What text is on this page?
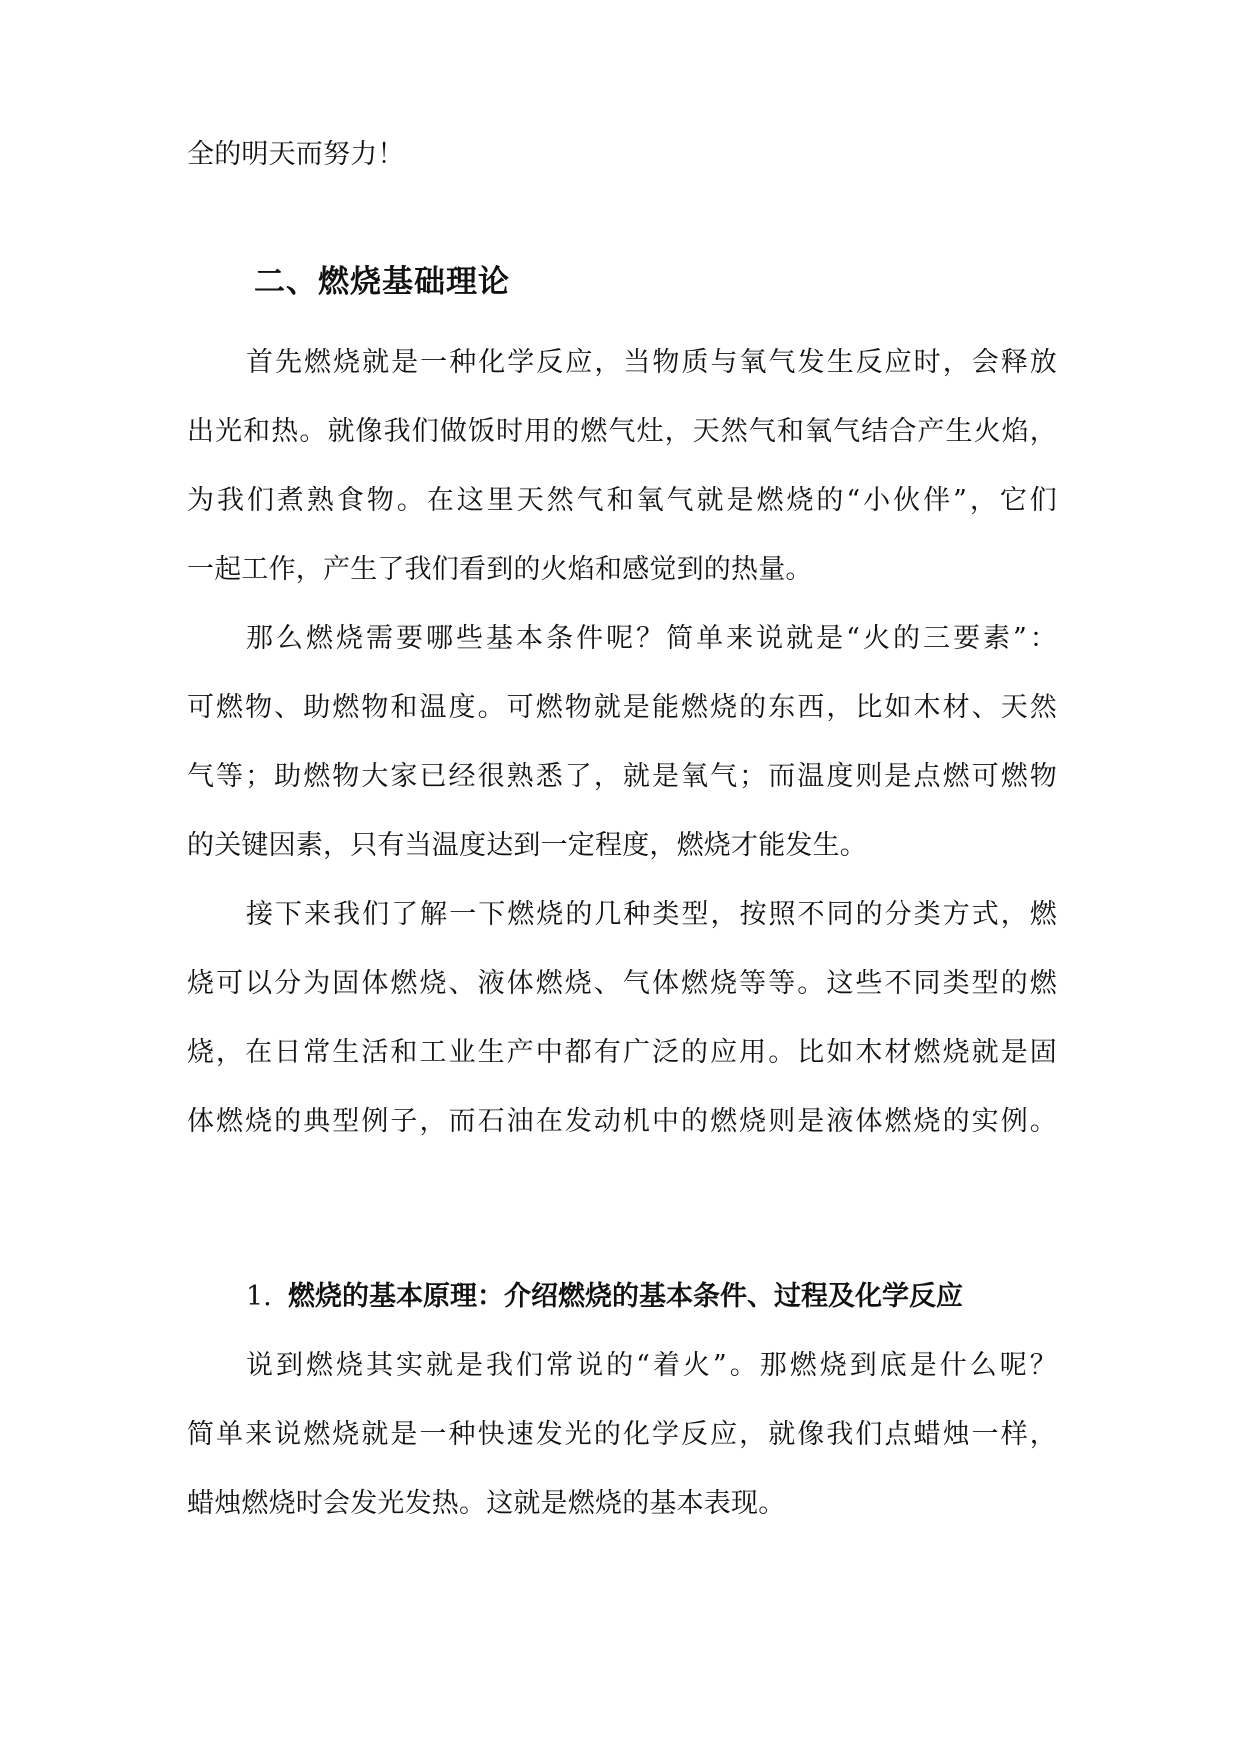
全的明天而努力！
二、燃烧基础理论
首先燃烧就是一种化学反应，当物质与氧气发生反应时，会释放
出光和热。就像我们做饭时用的燃气灶，天然气和氧气结合产生火焰，
为我们煮熟食物。在这里天然气和氧气就是燃烧的“小伙伴”，它们
一起工作，产生了我们看到的火焰和感觉到的热量。
那么燃烧需要哪些基本条件呢？简单来说就是“火的三要素”：
可燃物、助燃物和温度。可燃物就是能燃烧的东西，比如木材、天然
气等；助燃物大家已经很熟悉了，就是氧气；而温度则是点燃可燃物
的关键因素，只有当温度达到一定程度，燃烧才能发生。
接下来我们了解一下燃烧的几种类型，按照不同的分类方式，燃
烧可以分为固体燃烧、液体燃烧、气体燃烧等等。这些不同类型的燃
烧，在日常生活和工业生产中都有广泛的应用。比如木材燃烧就是固
体燃烧的典型例子，而石油在发动机中的燃烧则是液体燃烧的实例。
1. 燃烧的基本原理：介绍燃烧的基本条件、过程及化学反应
说到燃烧其实就是我们常说的“着火”。那燃烧到底是什么呢？
简单来说燃烧就是一种快速发光的化学反应，就像我们点蜡烛一样，
蜡烛燃烧时会发光发热。这就是燃烧的基本表现。
